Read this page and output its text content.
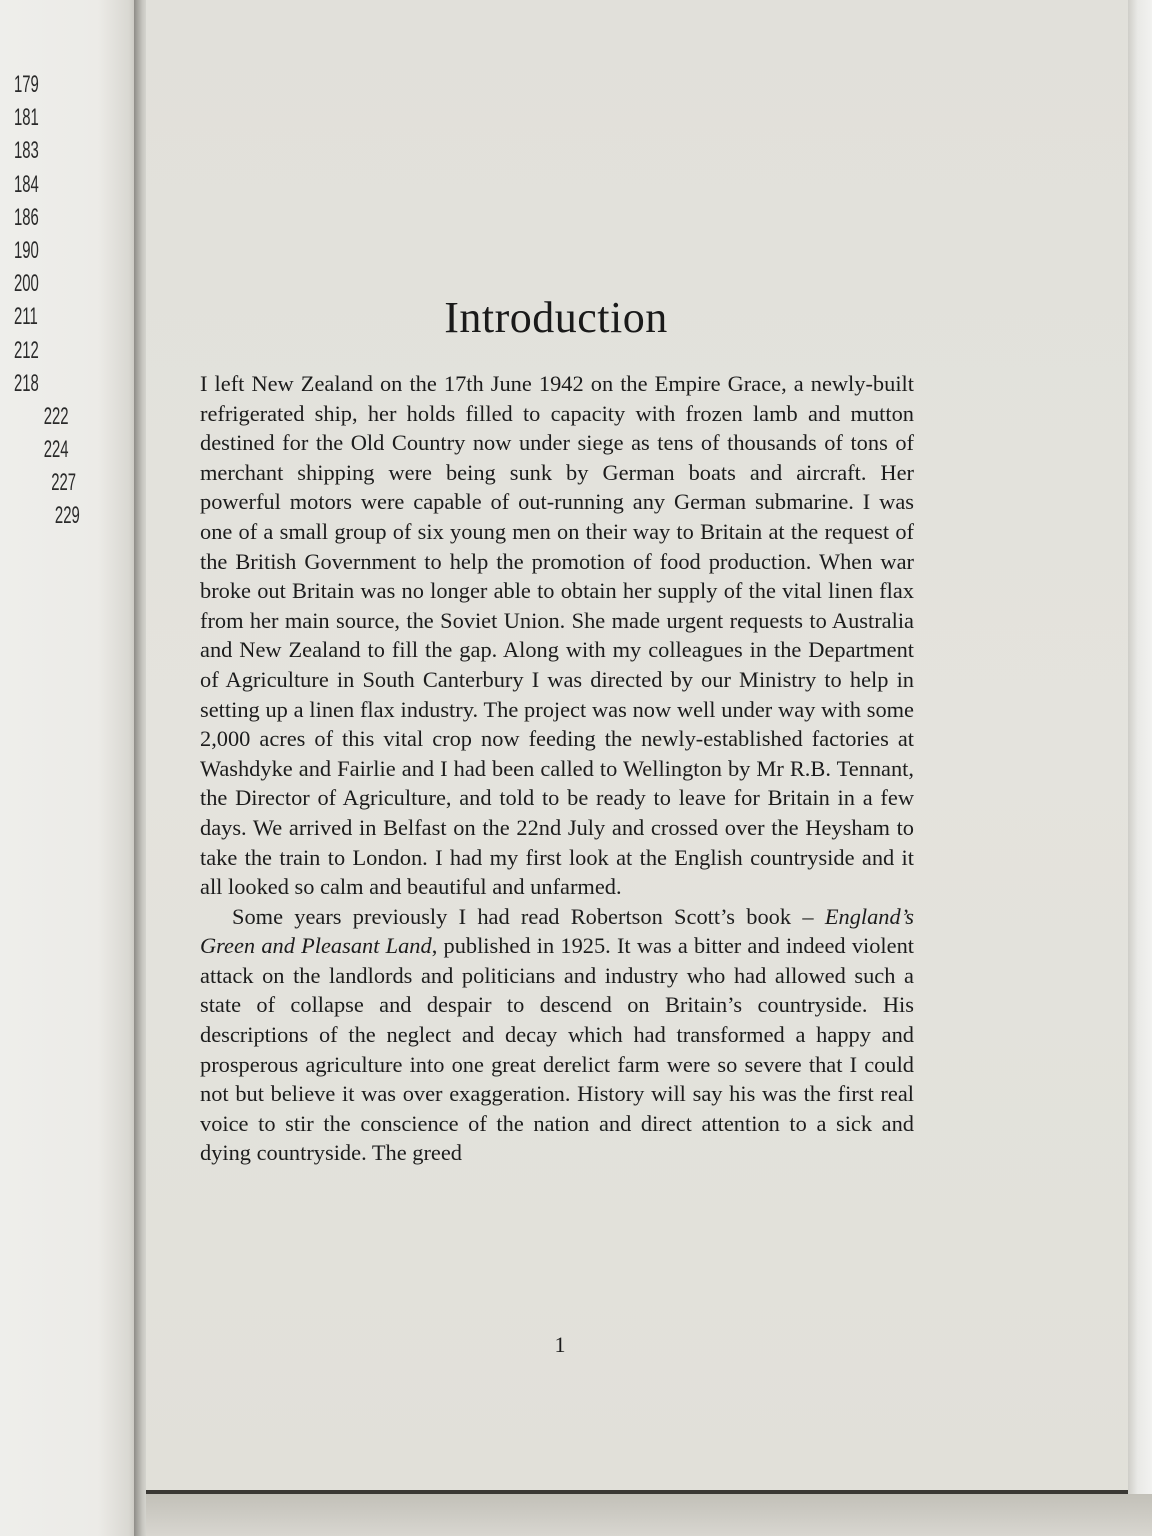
179
181
183
184
186
190
200
211
212
218
222
224
227
229
Introduction

I left New Zealand on the 17th June 1942 on the Empire Grace, a newly-built refrigerated ship, her holds filled to capacity with frozen lamb and mutton destined for the Old Country now under siege as tens of thousands of tons of merchant shipping were being sunk by German boats and aircraft. Her powerful motors were capable of out-running any German submarine. I was one of a small group of six young men on their way to Britain at the request of the British Government to help the promotion of food production. When war broke out Britain was no longer able to obtain her supply of the vital linen flax from her main source, the Soviet Union. She made urgent requests to Australia and New Zealand to fill the gap. Along with my colleagues in the Department of Agriculture in South Canterbury I was directed by our Ministry to help in setting up a linen flax industry. The project was now well under way with some 2,000 acres of this vital crop now feeding the newly-established factories at Washdyke and Fairlie and I had been called to Wellington by Mr R.B. Tennant, the Director of Agriculture, and told to be ready to leave for Britain in a few days. We arrived in Belfast on the 22nd July and crossed over the Heysham to take the train to London. I had my first look at the English countryside and it all looked so calm and beautiful and unfarmed.

Some years previously I had read Robertson Scott’s book – England’s Green and Pleasant Land, published in 1925. It was a bitter and indeed violent attack on the landlords and politicians and industry who had allowed such a state of collapse and despair to descend on Britain’s countryside. His descriptions of the neglect and decay which had transformed a happy and prosperous agriculture into one great derelict farm were so severe that I could not but believe it was over exaggeration. History will say his was the first real voice to stir the conscience of the nation and direct attention to a sick and dying countryside. The greed

1
